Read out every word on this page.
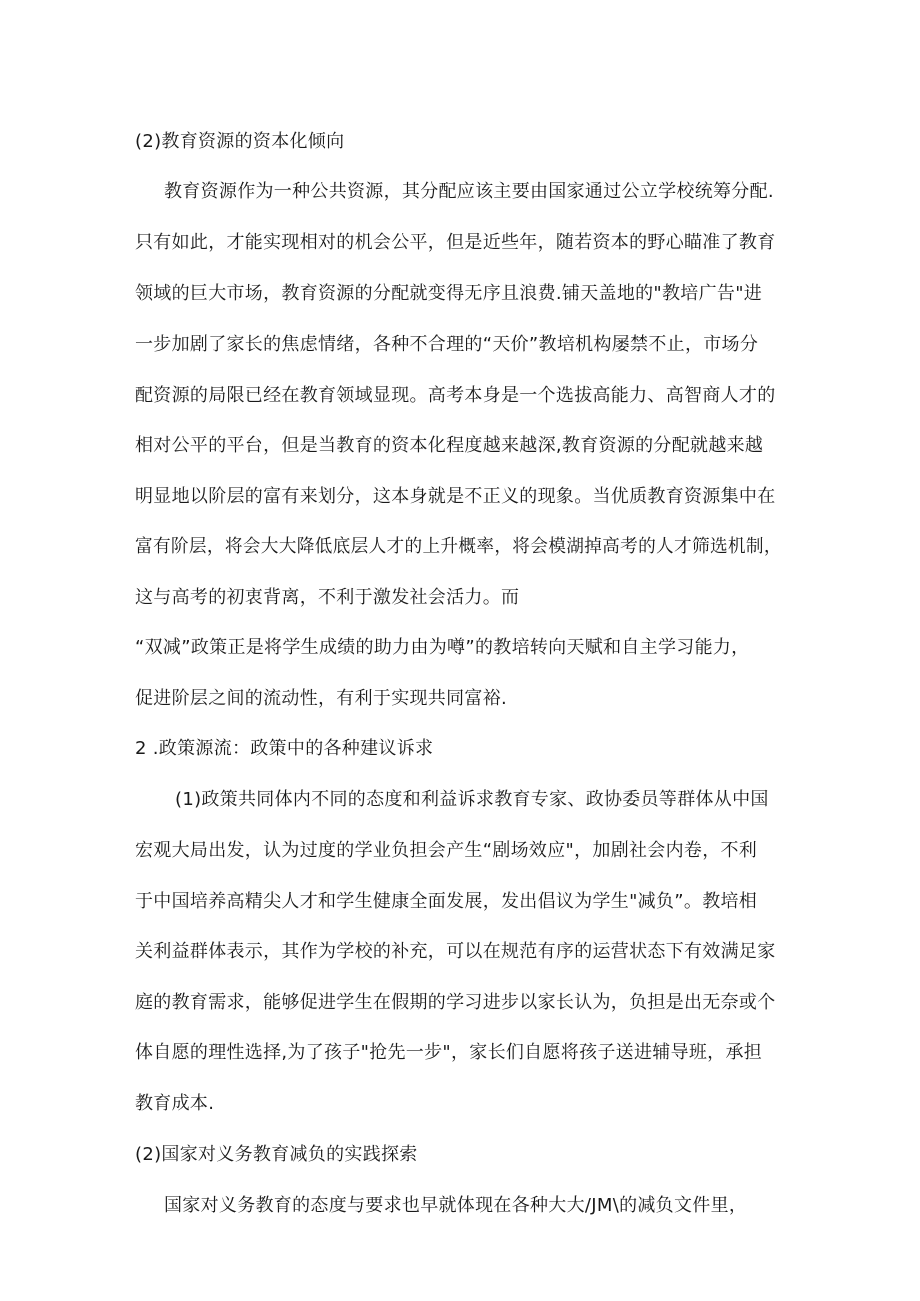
(2)教育资源的资本化倾向
教育资源作为一种公共资源，其分配应该主要由国家通过公立学校统筹分配.
只有如此，才能实现相对的机会公平，但是近些年，随若资本的野心瞄准了教育
领域的巨大市场，教育资源的分配就变得无序且浪费.铺天盖地的"教培广告"进
一步加剧了家长的焦虑情绪，各种不合理的“天价”教培机构屡禁不止，市场分
配资源的局限已经在教育领域显现。高考本身是一个选拔高能力、高智商人才的
相对公平的平台，但是当教育的资本化程度越来越深,教育资源的分配就越来越
明显地以阶层的富有来划分，这本身就是不正义的现象。当优质教育资源集中在
富有阶层，将会大大降低底层人才的上升概率，将会模湖掉高考的人才筛选机制，
这与高考的初衷背离，不利于激发社会活力。而
“双减”政策正是将学生成绩的助力由为噂”的教培转向天赋和自主学习能力，
促进阶层之间的流动性，有利于实现共同富裕.
2 .政策源流：政策中的各种建议诉求
(1)政策共同体内不同的态度和利益诉求教育专家、政协委员等群体从中国
宏观大局出发，认为过度的学业负担会产生“剧场效应"，加剧社会内卷，不利
于中国培养高精尖人才和学生健康全面发展，发出倡议为学生"减负”。教培相
关利益群体表示，其作为学校的补充，可以在规范有序的运营状态下有效满足家
庭的教育需求，能够促进学生在假期的学习进步以家长认为，负担是出无奈或个
体自愿的理性选择,为了孩子"抢先一步"，家长们自愿将孩子送进辅导班，承担
教育成本.
(2)国家对义务教育减负的实践探索
国家对义务教育的态度与要求也早就体现在各种大大/JM\的减负文件里，
